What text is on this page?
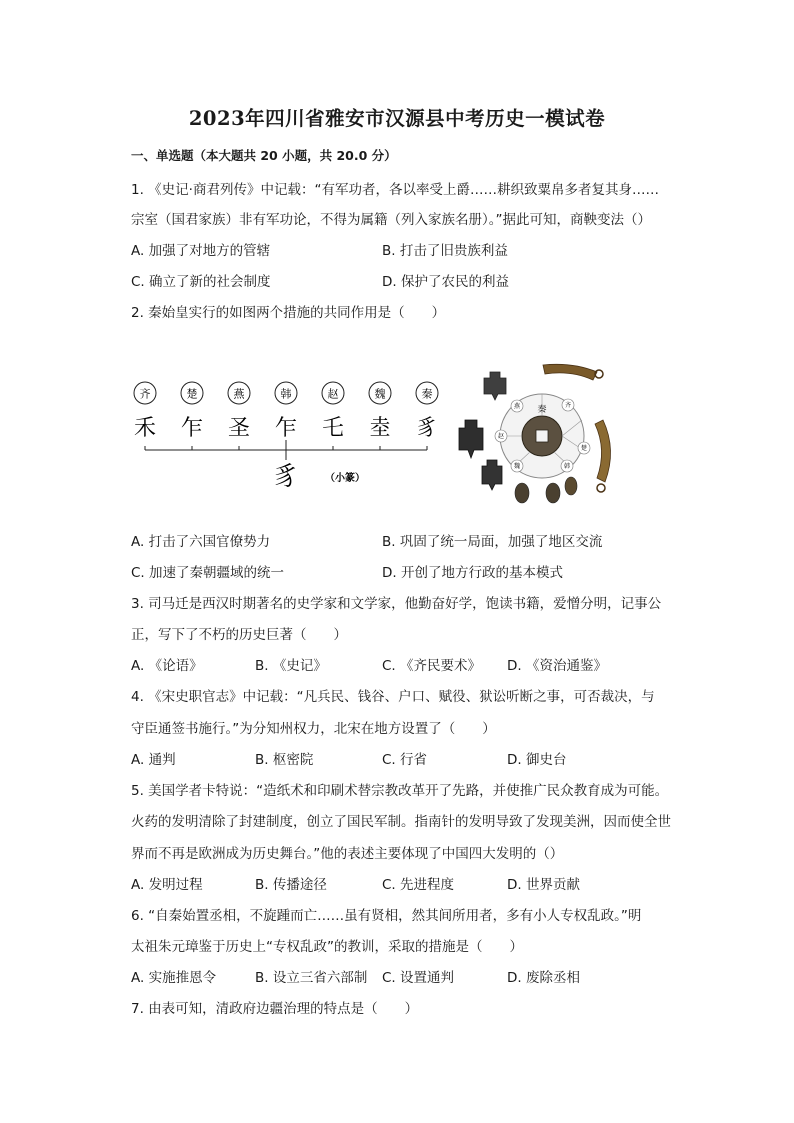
2023年四川省雅安市汉源县中考历史一模试卷
一、单选题（本大题共 20 小题，共 20.0 分）
1. 《史记·商君列传》中记载：“有军功者，各以率受上爵……耕织致粟帛多者复其身……
宗室（国君家族）非有军功论，不得为属籍（列入家族名册）。”据此可知，商鞅变法（）
A. 加强了对地方的管辖	B. 打击了旧贵族利益
C. 确立了新的社会制度	D. 保护了农民的利益
2. 秦始皇实行的如图两个措施的共同作用是（　　）
齐	楚	燕	韩	赵	魏	秦
禾 乍 圣 乍 乇 坴 豸
豸	（小篆）
秦	齐
楚
韩
魏
赵
燕
A. 打击了六国官僚势力	B. 巩固了统一局面，加强了地区交流
C. 加速了秦朝疆域的统一	D. 开创了地方行政的基本模式
3. 司马迁是西汉时期著名的史学家和文学家，他勤奋好学，饱读书籍，爱憎分明，记事公
正，写下了不朽的历史巨著（　　）
A. 《论语》	B. 《史记》	C. 《齐民要术》 D. 《资治通鉴》
4. 《宋史职官志》中记载：“凡兵民、钱谷、户口、赋役、狱讼听断之事，可否裁决，与
守臣通签书施行。”为分知州权力，北宋在地方设置了（　　）
A. 通判	B. 枢密院	C. 行省	D. 御史台
5. 美国学者卡特说：“造纸术和印刷术替宗教改革开了先路，并使推广民众教育成为可能。
火药的发明清除了封建制度，创立了国民军制。指南针的发明导致了发现美洲，因而使全世
界而不再是欧洲成为历史舞台。”他的表述主要体现了中国四大发明的（）
A. 发明过程	B. 传播途径	C. 先进程度	D. 世界贡献
6. “自秦始置丞相，不旋踵而亡……虽有贤相，然其间所用者，多有小人专权乱政。”明
太祖朱元璋鉴于历史上“专权乱政”的教训，采取的措施是（　　）
A. 实施推恩令	B. 设立三省六部制 C. 设置通判	D. 废除丞相
7. 由表可知，清政府边疆治理的特点是（　　）
